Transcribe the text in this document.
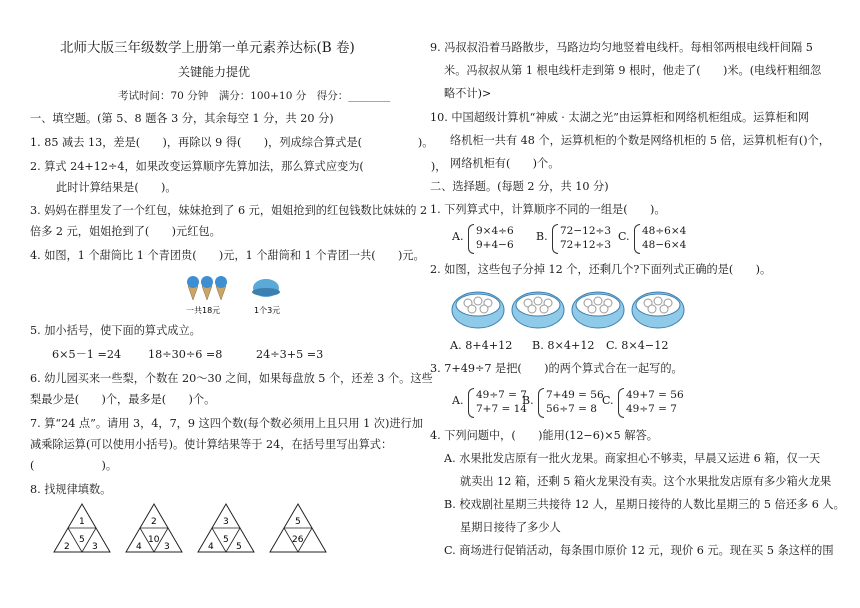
北师大版三年级数学上册第一单元素养达标(B 卷)
关键能力提优
考试时间：70 分钟　满分：100+10 分　得分：________
一、填空题。(第 5、8 题各 3 分，其余每空 1 分，共 20 分)
1. 85 减去 13，差是(　　)，再除以 9 得(　　)，列成综合算式是(　　　　　)。
2. 算式 24+12÷4，如果改变运算顺序先算加法，那么算式应变为(　　　　　　)，
此时计算结果是(　　)。
3. 妈妈在群里发了一个红包，妹妹抢到了 6 元，姐姐抢到的红包钱数比妹妹的 2
倍多 2 元，姐姐抢到了(　　)元红包。
4. 如图，1 个甜筒比 1 个青团贵(　　)元，1 个甜筒和 1 个青团一共(　　)元。
一共18元	1个3元
5. 加小括号，使下面的算式成立。
6×5－1 =24 18÷30÷6 =8	24÷3+5 =3
6. 幼儿园买来一些梨，个数在 20～30 之间，如果每盘放 5 个，还差 3 个。这些
梨最少是(　　)个，最多是(　　)个。
7. 算“24 点”。请用 3，4，7，9 这四个数(每个数必须用上且只用 1 次)进行加
减乘除运算(可以使用小括号)。使计算结果等于 24，在括号里写出算式：
(　　　　　　)。
8. 找规律填数。
1
5
2 3
2
10
4 3
3
5
4 5
5
26
9. 冯叔叔沿着马路散步，马路边均匀地竖着电线杆。每相邻两根电线杆间隔 5
米。冯叔叔从第 1 根电线杆走到第 9 根时，他走了(　　)米。(电线杆粗细忽
略不计)>
10. 中国超级计算机“神威 · 太湖之光”由运算柜和网络机柜组成。运算柜和网
络机柜一共有 48 个，运算机柜的个数是网络机柜的 5 倍，运算机柜有()个，
网络机柜有(　　)个。
二、选择题。(每题 2 分，共 10 分)
1. 下列算式中，计算顺序不同的一组是(　　)。
A. 9×4÷6
9+4−6
B. 72−12÷3
72+12÷3
C. 48÷6×4
48−6×4
2. 如图，这些包子分掉 12 个，还剩几个?下面列式正确的是(　　)。
A. 8+4+12 B. 8×4+12 C. 8×4−12
3. 7+49÷7 是把(　　)的两个算式合在一起写的。
A. 49÷7 = 7
7+7 = 14
B. 7+49 = 56
56÷7 = 8
C. 49+7 = 56
49÷7 = 7
4. 下列问题中，(　　)能用(12−6)×5 解答。
A. 水果批发店原有一批火龙果。商家担心不够卖，早晨又运进 6 箱，仅一天
就卖出 12 箱，还剩 5 箱火龙果没有卖。这个水果批发店原有多少箱火龙果
B. 校戏剧社星期三共接待 12 人，星期日接待的人数比星期三的 5 倍还多 6 人。
星期日接待了多少人
C. 商场进行促销活动，每条围巾原价 12 元，现价 6 元。现在买 5 条这样的围
